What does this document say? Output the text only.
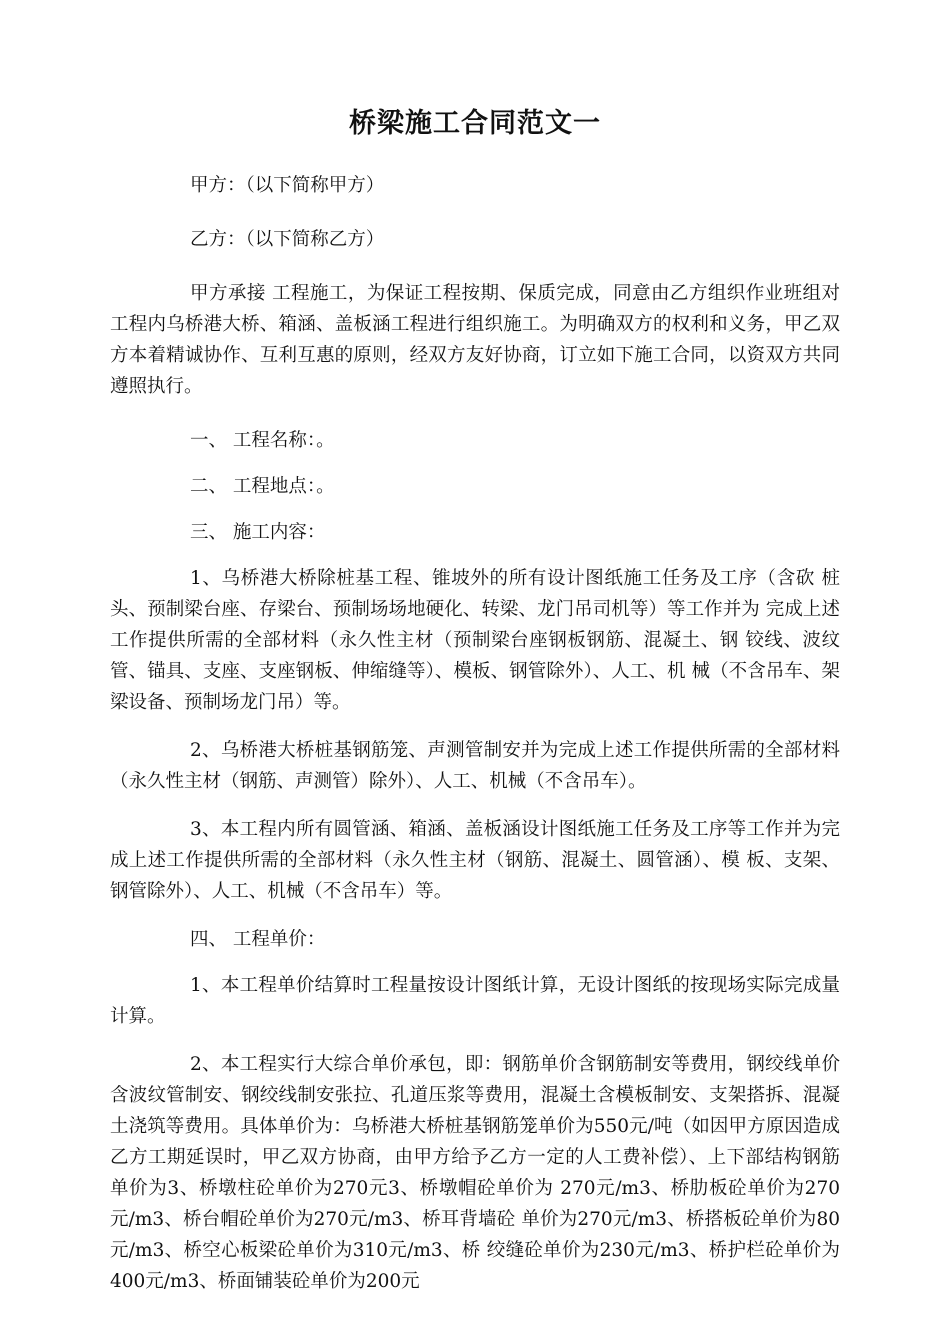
桥梁施工合同范文一

甲方：（以下简称甲方）

乙方：（以下简称乙方）

甲方承接 工程施工，为保证工程按期、保质完成，同意由乙方组织作业班组对工程内乌桥港大桥、箱涵、盖板涵工程进行组织施工。为明确双方的权利和义务，甲乙双方本着精诚协作、互利互惠的原则，经双方友好协商，订立如下施工合同，以资双方共同遵照执行。

一、 工程名称：。

二、 工程地点：。

三、 施工内容：

1、乌桥港大桥除桩基工程、锥坡外的所有设计图纸施工任务及工序（含砍 桩头、预制梁台座、存梁台、预制场场地硬化、转梁、龙门吊司机等）等工作并为 完成上述工作提供所需的全部材料（永久性主材（预制梁台座钢板钢筋、混凝土、钢 铰线、波纹管、锚具、支座、支座钢板、伸缩缝等）、模板、钢管除外）、人工、机 械（不含吊车、架梁设备、预制场龙门吊）等。

2、乌桥港大桥桩基钢筋笼、声测管制安并为完成上述工作提供所需的全部材料（永久性主材（钢筋、声测管）除外）、人工、机械（不含吊车）。

3、本工程内所有圆管涵、箱涵、盖板涵设计图纸施工任务及工序等工作并为完成上述工作提供所需的全部材料（永久性主材（钢筋、混凝土、圆管涵）、模 板、支架、钢管除外）、人工、机械（不含吊车）等。

四、 工程单价：

1、本工程单价结算时工程量按设计图纸计算，无设计图纸的按现场实际完成量计算。

2、本工程实行大综合单价承包，即：钢筋单价含钢筋制安等费用，钢绞线单价含波纹管制安、钢绞线制安张拉、孔道压浆等费用，混凝土含模板制安、支架搭拆、混凝土浇筑等费用。具体单价为：乌桥港大桥桩基钢筋笼单价为550元/吨（如因甲方原因造成乙方工期延误时，甲乙双方协商，由甲方给予乙方一定的人工费补偿）、上下部结构钢筋单价为3、桥墩柱砼单价为270元3、桥墩帽砼单价为 270元/m3、桥肋板砼单价为270元/m3、桥台帽砼单价为270元/m3、桥耳背墙砼 单价为270元/m3、桥搭板砼单价为80元/m3、桥空心板梁砼单价为310元/m3、桥 绞缝砼单价为230元/m3、桥护栏砼单价为400元/m3、桥面铺装砼单价为200元
